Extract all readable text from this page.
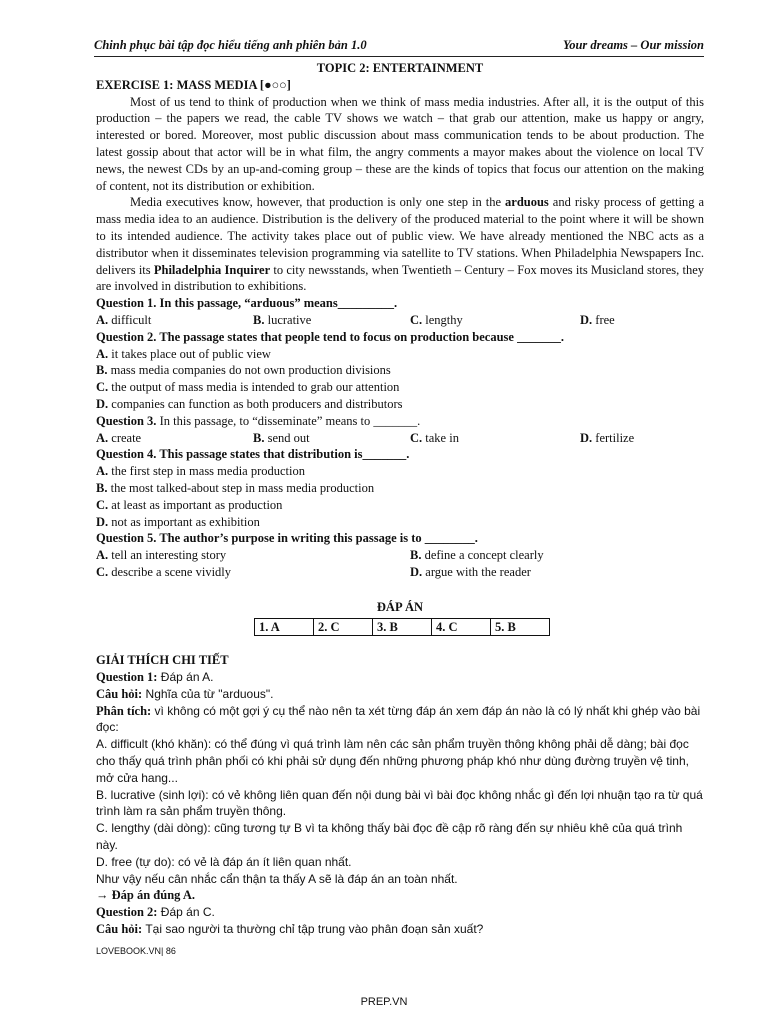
Chinh phục bài tập đọc hiểu tiếng anh phiên bản 1.0	Your dreams – Our mission
TOPIC 2: ENTERTAINMENT
EXERCISE 1: MASS MEDIA [●○○]

Most of us tend to think of production when we think of mass media industries. After all, it is the output of this production – the papers we read, the cable TV shows we watch – that grab our attention, make us happy or angry, interested or bored. Moreover, most public discussion about mass communication tends to be about production. The latest gossip about that actor will be in what film, the angry comments a mayor makes about the violence on local TV news, the newest CDs by an up-and-coming group – these are the kinds of topics that focus our attention on the making of content, not its distribution or exhibition.

Media executives know, however, that production is only one step in the arduous and risky process of getting a mass media idea to an audience. Distribution is the delivery of the produced material to the point where it will be shown to its intended audience. The activity takes place out of public view. We have already mentioned the NBC acts as a distributor when it disseminates television programming via satellite to TV stations. When Philadelphia Newspapers Inc. delivers its Philadelphia Inquirer to city newsstands, when Twentieth – Century – Fox moves its Musicland stores, they are involved in distribution to exhibitions.

Question 1. In this passage, “arduous” means_________.
A. difficult	B. lucrative	C. lengthy	D. free
Question 2. The passage states that people tend to focus on production because _______.
A. it takes place out of public view
B. mass media companies do not own production divisions
C. the output of mass media is intended to grab our attention
D. companies can function as both producers and distributors
Question 3. In this passage, to “disseminate” means to _______.
A. create	B. send out	C. take in	D. fertilize
Question 4. This passage states that distribution is_______.
A. the first step in mass media production
B. the most talked-about step in mass media production
C. at least as important as production
D. not as important as exhibition
Question 5. The author’s purpose in writing this passage is to ________.
A. tell an interesting story	B. define a concept clearly
C. describe a scene vividly	D. argue with the reader
ĐÁP ÁN
1. A	2. C	3. B	4. C	5. B
GIẢI THÍCH CHI TIẾT
Question 1: Đáp án A.
Câu hỏi: Nghĩa của từ "arduous".
Phân tích: vì không có một gợi ý cụ thể nào nên ta xét từng đáp án xem đáp án nào là có lý nhất khi ghép vào bài đọc:
A. difficult (khó khăn): có thể đúng vì quá trình làm nên các sản phẩm truyền thông không phải dễ dàng; bài đọc cho thấy quá trình phân phối có khi phải sử dụng đến những phương pháp khó như dùng đường truyền vệ tinh, mở cửa hang...
B. lucrative (sinh lợi): có vẻ không liên quan đến nội dung bài vì bài đọc không nhắc gì đến lợi nhuận tạo ra từ quá trình làm ra sản phẩm truyền thông.
C. lengthy (dài dòng): cũng tương tự B vì ta không thấy bài đọc đề cập rõ ràng đến sự nhiêu khê của quá trình này.
D. free (tự do): có vẻ là đáp án ít liên quan nhất.
Như vậy nếu cân nhắc cẩn thận ta thấy A sẽ là đáp án an toàn nhất.
→ Đáp án đúng A.
Question 2: Đáp án C.
Câu hỏi: Tại sao người ta thường chỉ tập trung vào phân đoạn sản xuất?
LOVEBOOK.VN| 86
PREP.VN
